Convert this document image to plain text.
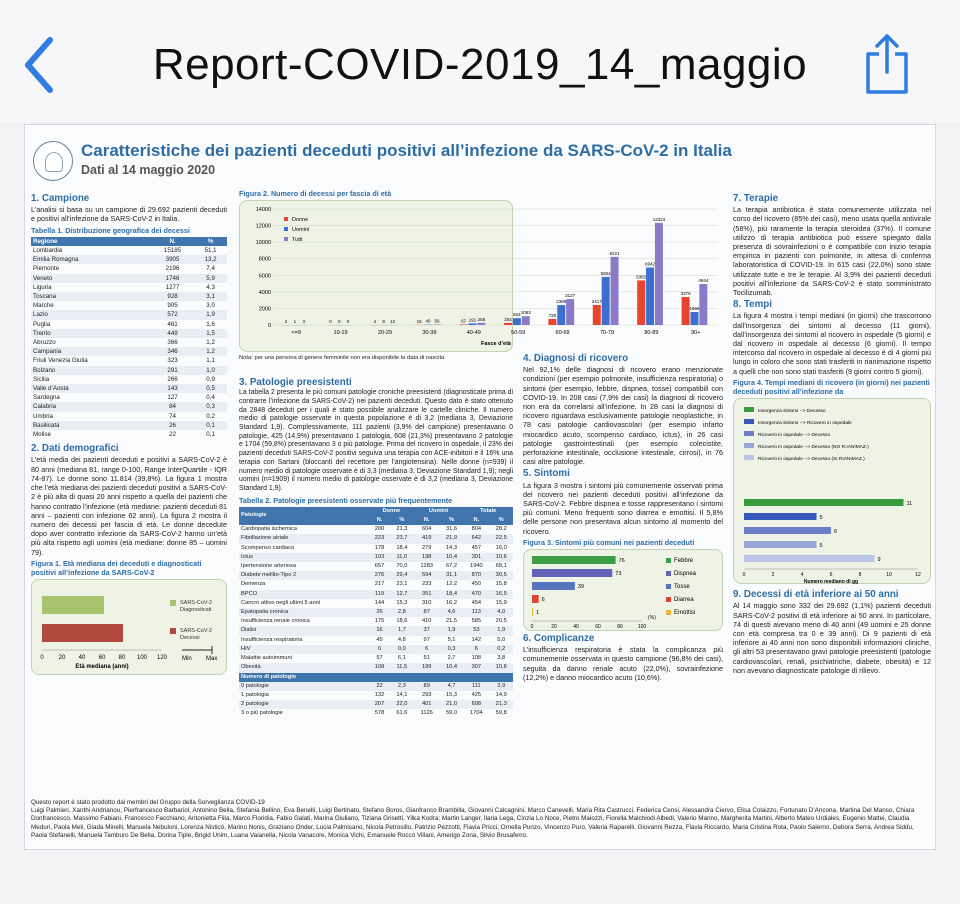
Report-COVID-2019_14_maggio
Caratteristiche dei pazienti deceduti positivi all’infezione da SARS-CoV-2 in Italia
Dati al 14 maggio 2020
1. Campione

L’analisi si basa su un campione di 29.692 pazienti deceduti e positivi all’infezione da SARS-CoV-2 in Italia.

Tabella 1. Distribuzione geografica dei decessi
Regione	N.	%
Lombardia	15185	51,1
Emilia Romagna	3905	13,2
Piemonte	2196	7,4
Veneto	1746	5,9
Liguria	1277	4,3
Toscana	928	3,1
Marche	905	3,0
Lazio	572	1,9
Puglia	461	1,6
Trento	449	1,5
Abruzzo	366	1,2
Campania	346	1,2
Friuli Venezia Giulia	323	1,1
Bolzano	291	1,0
Sicilia	266	0,9
Valle d’Aosta	143	0,5
Sardegna	127	0,4
Calabria	84	0,3
Umbria	74	0,2
Basilicata	26	0,1
Molise	22	0,1
2. Dati demografici

L’età media dei pazienti deceduti e positivi a SARS-CoV-2 è 80 anni (mediana 81, range 0-100, Range InterQuartile - IQR 74-87). Le donne sono 11.814 (39,8%). La figura 1 mostra che l’età mediana dei pazienti deceduti positivi a SARS-CoV-2 è più alta di quasi 20 anni rispetto a quella dei pazienti che hanno contratto l’infezione (età mediane: pazienti deceduti 81 anni – pazienti con infezione 62 anni). La figura 2 mostra il numero dei decessi per fascia di età. Le donne decedute dopo aver contratto infezione da SARS-CoV-2 hanno un’età più alta rispetto agli uomini (età mediane: donne 85 – uomini 79).

Figura 1. Età mediana dei deceduti e diagnosticati positivi all’infezione da SARS-CoV-2
SARS-CoV-2 Diagnosticati
SARS-CoV-2 Decessi
0 20 40 60 80 100 120
Età mediana (anni)
Min Max
Figura 2. Numero di decessi per fascia di età
0
2000
4000
6000
8000
10000
12000
14000
2 1 3
<=9
0 0 0
10-19
4 8 12
20-29
16 40 56
30-39
67 191 258
40-49
254
824 1063
50-59
728
2399
3127
60-69
2417
5804
8221
70-79
5382
6942
12324
80-89
3376
1568
4944
90+
Fasce d’età
Donne
Uomini
Tutti
Nota: per una persona di genere femminile non era disponibile la data di nascita
3. Patologie preesistenti

La tabella 2 presenta le più comuni patologie croniche preesistenti (diagnosticate prima di contrarre l’infezione da SARS-CoV-2) nei pazienti deceduti. Questo dato è stato ottenuto da 2848 deceduti per i quali è stato possibile analizzare le cartelle cliniche. Il numero medio di patologie osservate in questa popolazione è di 3,2 (mediana 3, Deviazione Standard 1,9). Complessivamente, 111 pazienti (3,9% del campione) presentavano 0 patologie, 425 (14,9%) presentavano 1 patologia, 608 (21,3%) presentavano 2 patologie e 1704 (59,8%) presentavano 3 o più patologie. Prima del ricovero in ospedale, il 23% dei pazienti deceduti SARS-CoV-2 positivi seguiva una terapia con ACE-inibitori e il 16% una terapia con Sartani (bloccanti del recettore per l’angiotensina). Nelle donne (n=939) il numero medio di patologie osservate è di 3,3 (mediana 3, Deviazione Standard 1,9); negli uomini (n=1909) il numero medio di patologie osservate è di 3,2 (mediana 3, Deviazione Standard 1,9).

Tabella 2. Patologie preesistenti osservate più frequentemente
Patologie	Donne		Uomini		Totale	
	N.	%	N.	%	N.	%
Cardiopatia ischemica	200	21,3	604	31,6	804	28,2
Fibrillazione atriale	223	23,7	419	21,9	642	22,5
Scompenso cardiaco	178	18,4	279	14,3	457	16,0
Ictus	103	11,0	198	10,4	301	10,6
Ipertensione arteriosa	657	70,0	1283	67,2	1940	68,1
Diabete mellito-Tipo 2	276	29,4	594	31,1	870	30,5
Demenza	217	23,1	233	12,2	450	15,8
BPCO	119	12,7	351	18,4	470	16,5
Cancro attivo negli ultimi 5 anni	144	15,3	310	16,2	454	15,9
Epatopatia cronica	26	2,8	87	4,6	113	4,0
Insufficienza renale cronica	175	18,6	410	21,5	585	20,5
Dialisi	16	1,7	37	1,9	53	1,9
Insufficienza respiratoria	45	4,8	97	5,1	142	5,0
HIV	0	0,0	6	0,3	6	0,2
Malattie autoimmuni	57	6,1	51	2,7	108	3,8
Obesità	108	11,5	199	10,4	307	10,8
Numero di patologie						
0 patologie	22	2,3	89	4,7	111	3,9
1 patologia	132	14,1	293	15,3	425	14,9
2 patologie	207	22,0	401	21,0	608	21,3
3 o più patologie	578	61,6	1126	59,0	1704	59,8
4. Diagnosi di ricovero

Nel 92,1% delle diagnosi di ricovero erano menzionate condizioni (per esempio polmonite, insufficienza respiratoria) o sintomi (per esempio, febbre, dispnea, tosse) compatibili con COVID-19. In 208 casi (7,9% dei casi) la diagnosi di ricovero non era da correlarsi all’infezione. In 28 casi la diagnosi di ricovero riguardava esclusivamente patologie neoplastiche, in 78 casi patologie cardiovascolari (per esempio infarto miocardico acuto, scompenso cardiaco, ictus), in 26 casi patologie gastrointestinali (per esempio colecistite, perforazione intestinale, occlusione intestinale, cirrosi), in 76 casi altre patologie.

5. Sintomi

La figura 3 mostra i sintomi più comunemente osservati prima del ricovero nei pazienti deceduti positivi all’infezione da SARS-CoV-2. Febbre dispnea e tosse rappresentano i sintomi più comuni. Meno frequenti sono diarrea e emottisi. Il 5,8% delle persone non presentava alcun sintomo al momento del ricovero.

Figura 3. Sintomi più comuni nei pazienti deceduti
76	Febbre
73	Dispnea
39	Tosse
6	Diarrea
1	Emottisi
0	20	40	60	80	100
(%)
6. Complicanze

L’insufficienza respiratoria è stata la complicanza più comunemente osservata in questo campione (96,8% dei casi), seguita da danno renale acuto (22,0%), sovrainfezione (12,2%) e danno miocardico acuto (10,6%).

7. Terapie

La terapia antibiotica è stata comunemente utilizzata nel corso del ricovero (85% dei casi), meno usata quella antivirale (58%), più raramente la terapia steroidea (37%). Il comune utilizzo di terapia antibiotica può essere spiegato dalla presenza di sovrainfezioni o è compatibile con inizio terapia empirica in pazienti con polmonite, in attesa di conferma laboratoristica di COVID-19. In 615 casi (22,0%) sono state utilizzate tutte e tre le terapie. Al 3,9% dei pazienti deceduti positivi all’infezione da SARS-CoV-2 è stato somministrato Tocilizumab.

8. Tempi

La figura 4 mostra i tempi mediani (in giorni) che trascorrono dall’insorgenza dei sintomi al decesso (11 giorni), dall’insorgenza dei sintomi al ricovero in ospedale (5 giorni) e dal ricovero in ospedale al decesso (6 giorni). Il tempo intercorso dal ricovero in ospedale al decesso è di 4 giorni più lungo in coloro che sono stati trasferiti in rianimazione rispetto a quelli che non sono stati trasferiti (9 giorni contro 5 giorni).

Figura 4. Tempi mediani di ricovero (in giorni) nei pazienti deceduti positivi all’infezione da
Insorgenza sintomi --> Decesso
Insorgenza sintomi --> Ricovero in ospedale
Ricovero in ospedale --> Decesso
Ricovero in ospedale --> Decesso (NO R.IANIMAZ.)
Ricovero in ospedale --> Decesso (SI RIANIMAZ.)
11
5
6
5
9
0	2	4	6	8	10	12
Numero mediano di gg
9. Decessi di età inferiore ai 50 anni

Al 14 maggio sono 332 dei 29.692 (1,1%) pazienti deceduti SARS-CoV-2 positivi di età inferiore ai 50 anni. In particolare, 74 di questi avevano meno di 40 anni (49 uomini e 25 donne con età compresa tra 0 e 39 anni). Di 9 pazienti di età inferiore ai 40 anni non sono disponibili informazioni cliniche, gli altri 53 presentavano gravi patologie preesistenti (patologie cardiovascolari, renali, psichiatriche, diabete, obesità) e 12 non avevano diagnosticate patologie di rilievo.

Questo report è stato prodotto dai membri del Gruppo della Sorveglianza COVID-19
Luigi Palmieri, Xanthi Andrianou, Pierfrancesco Barbariol, Antonino Bella, Stefania Bellino, Eva Benelli, Luigi Bertinato, Stefano Boros, Gianfranco Brambilla, Giovanni Calcagnini, Marco Canevelli, Maria Rita Castrucci, Federica Censi, Alessandra Ciervo, Elisa Colaizzo, Fortunato D’Ancona, Martina Del Manso, Chiara Donfrancesco, Massimo Fabiani, Francesco Facchiano, Antonietta Filia, Marco Floridia, Fabio Galati, Marina Giuliano, Tiziana Grisetti, Yilka Kodra; Martin Langer, Ilaria Lega, Cinzia Lo Noce, Pietro Maiozzi, Fiorella Malchiodi Albedi, Valerio Manno, Margherita Martini, Alberto Mateo Urdiales, Eugenio Mattei, Claudia Meduri, Paola Meli, Giada Minelli, Manuela Nebuloni, Lorenza Nisticò, Marino Nonis, Graziano Onder, Lucia Palmisano, Nicola Petrosillo, Patrizio Pezzotti, Flavia Pricci, Ornella Punzo, Vincenzo Puro, Valeria Raparelli, Giovanni Rezza, Flavia Riccardo, Maria Cristina Rota, Paolo Salerno, Debora Serra, Andrea Siddu, Paola Stefanelli, Manuela Tamburo De Bella, Dorina Tiple, Brigid Unim, Luana Vaianella, Nicola Vanacore, Monica Vichi, Emanuele Rocco Villani, Amerigo Zona, Silvio Brusaferro.
